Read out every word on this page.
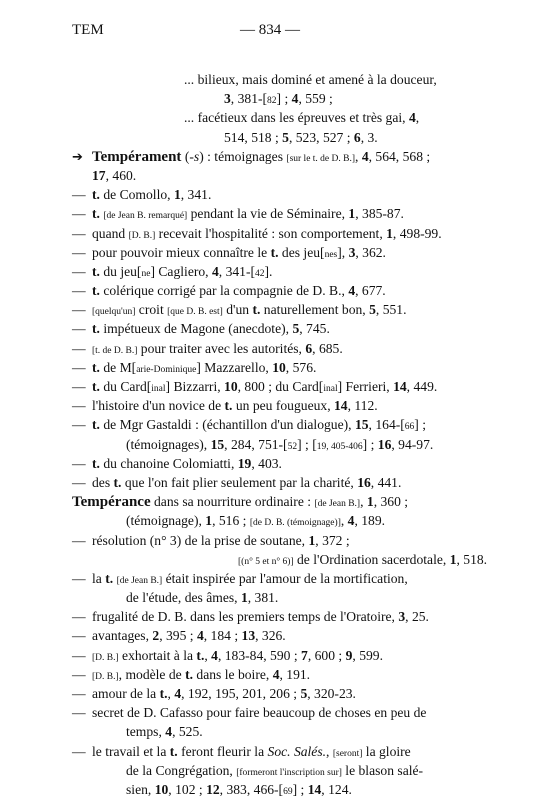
TEM	— 834 —
... bilieux, mais dominé et amené à la douceur,
3, 381-[82] ; 4, 559 ;
... facétieux dans les épreuves et très gai, 4,
514, 518 ; 5, 523, 527 ; 6, 3.
➔ Tempérament (-s) : témoignages [sur le t. de D. B.], 4, 564, 568 ;
17, 460.
— t. de Comollo, 1, 341.
— t. [de Jean B. remarqué] pendant la vie de Séminaire, 1, 385-87.
— quand [D. B.] recevait l'hospitalité : son comportement, 1, 498-99.
— pour pouvoir mieux connaître le t. des jeu[nes], 3, 362.
— t. du jeu[ne] Cagliero, 4, 341-[42].
— t. colérique corrigé par la compagnie de D. B., 4, 677.
— [quelqu'un] croit [que D. B. est] d'un t. naturellement bon, 5, 551.
— t. impétueux de Magone (anecdote), 5, 745.
— [t. de D. B.] pour traiter avec les autorités, 6, 685.
— t. de M[arie-Dominique] Mazzarello, 10, 576.
— t. du Card[inal] Bizzarri, 10, 800 ; du Card[inal] Ferrieri, 14, 449.
— l'histoire d'un novice de t. un peu fougueux, 14, 112.
— t. de Mgr Gastaldi : (échantillon d'un dialogue), 15, 164-[66] ;
(témoignages), 15, 284, 751-[52] ; [19, 405-406] ; 16, 94-97.
— t. du chanoine Colomiatti, 19, 403.
— des t. que l'on fait plier seulement par la charité, 16, 441.
Tempérance dans sa nourriture ordinaire : [de Jean B.], 1, 360 ;
(témoignage), 1, 516 ; [de D. B. (témoignage)], 4, 189.
— résolution (n° 3) de la prise de soutane, 1, 372 ;
[(n° 5 et n° 6)] de l'Ordination sacerdotale, 1, 518.
— la t. [de Jean B.] était inspirée par l'amour de la mortification,
de l'étude, des âmes, 1, 381.
— frugalité de D. B. dans les premiers temps de l'Oratoire, 3, 25.
— avantages, 2, 395 ; 4, 184 ; 13, 326.
— [D. B.] exhortait à la t., 4, 183-84, 590 ; 7, 600 ; 9, 599.
— [D. B.], modèle de t. dans le boire, 4, 191.
— amour de la t., 4, 192, 195, 201, 206 ; 5, 320-23.
— secret de D. Cafasso pour faire beaucoup de choses en peu de
temps, 4, 525.
— le travail et la t. feront fleurir la Soc. Salés., [seront] la gloire
de la Congrégation, [formeront l'inscription sur] le blason salé-
sien, 10, 102 ; 12, 383, 466-[69] ; 14, 124.
